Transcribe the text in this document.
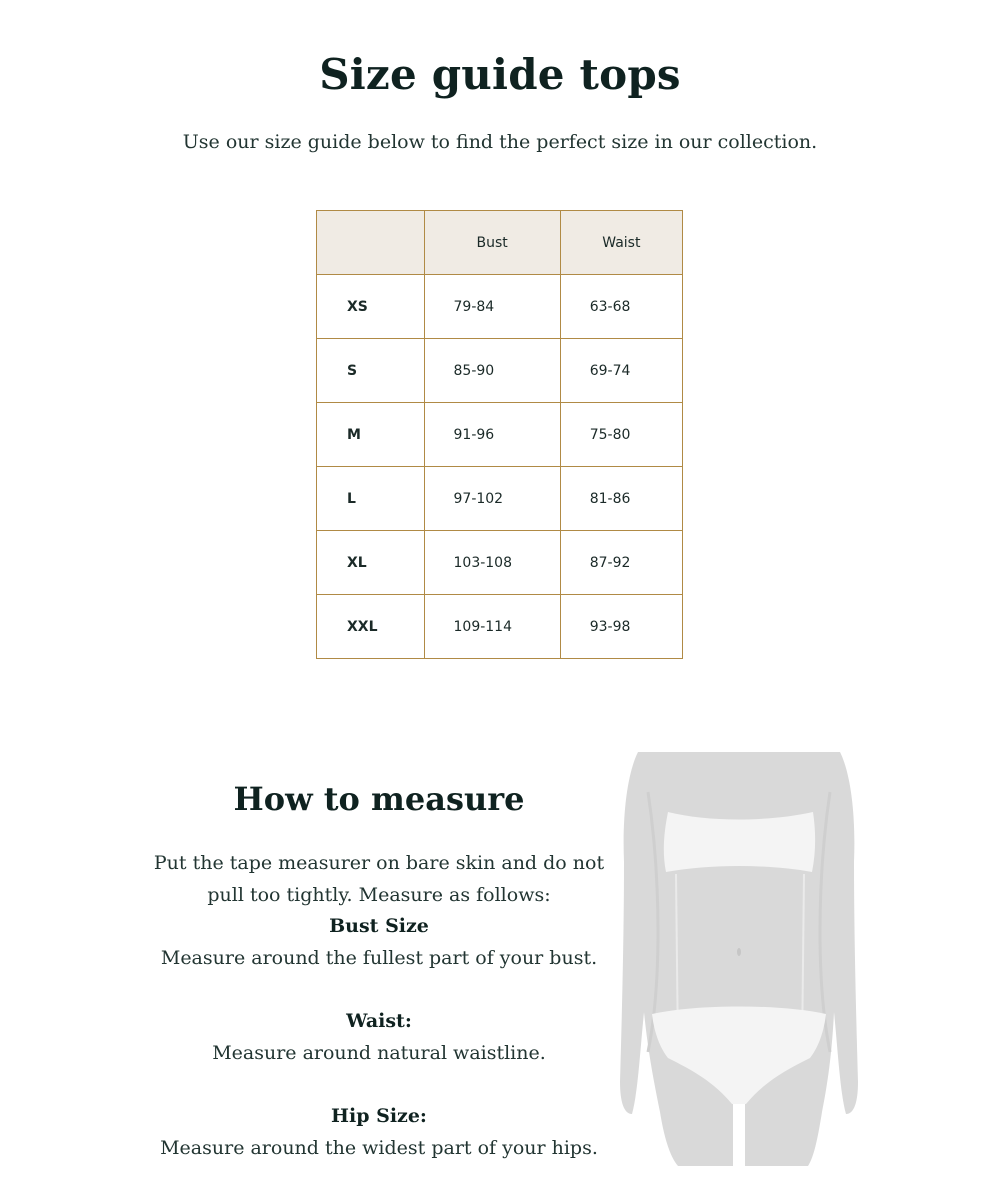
Size guide tops

Use our size guide below to find the perfect size in our collection.

	Bust	Waist
XS	79-84	63-68
S	85-90	69-74
M	91-96	75-80
L	97-102	81-86
XL	103-108	87-92
XXL	109-114	93-98
How to measure

Put the tape measurer on bare skin and do not pull too tightly. Measure as follows:

Bust Size

Measure around the fullest part of your bust.

Waist:

Measure around natural waistline.

Hip Size:

Measure around the widest part of your hips.
